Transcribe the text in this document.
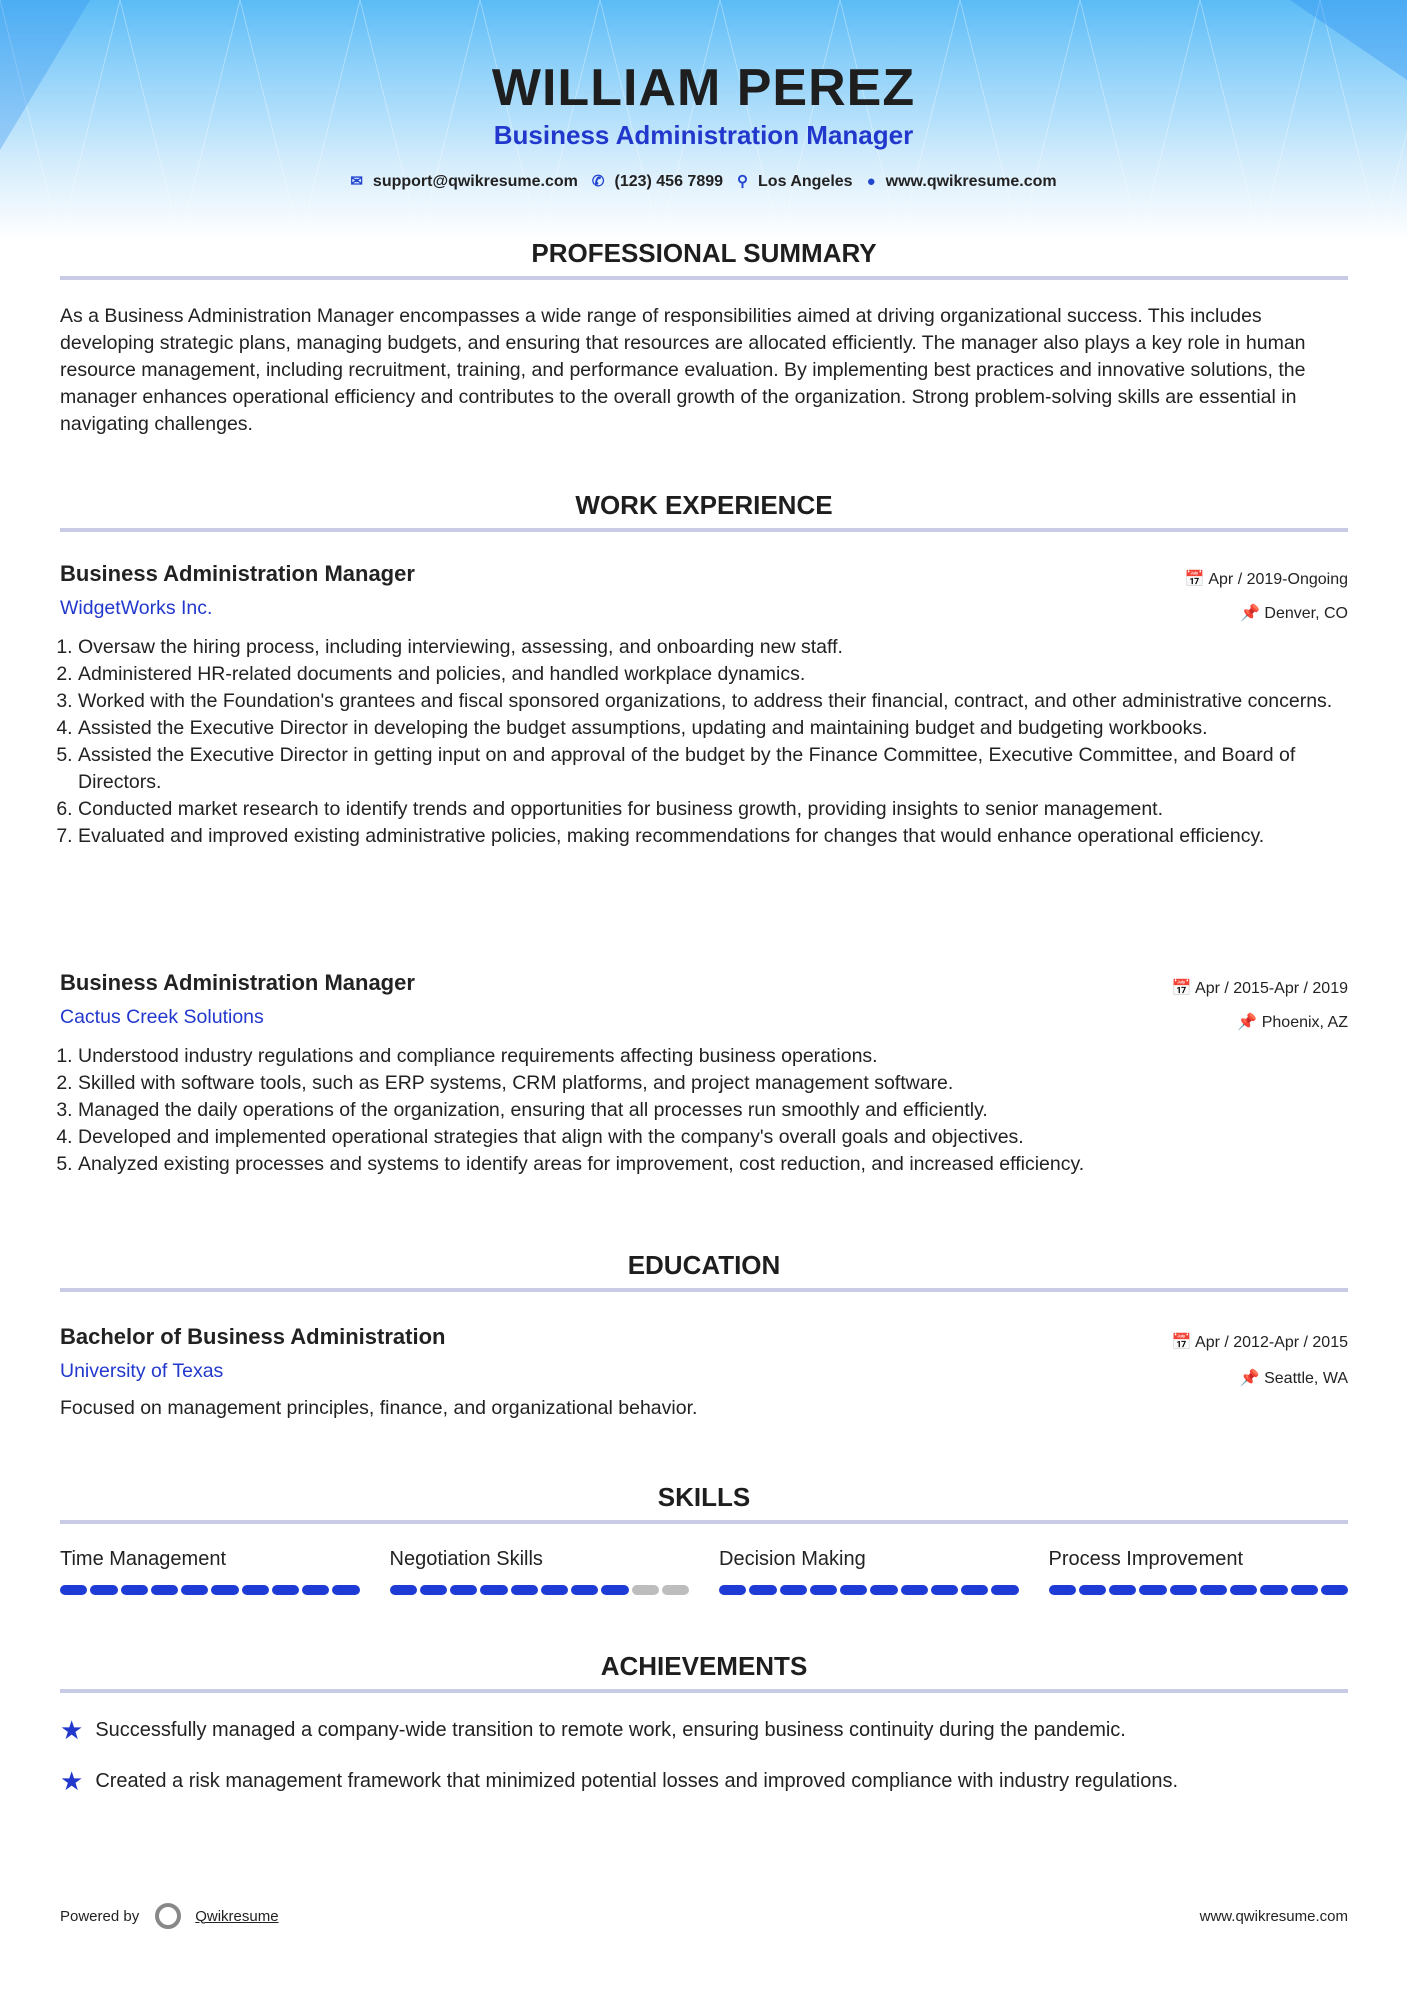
WILLIAM PEREZ
Business Administration Manager
✉ support@qwikresume.com ✆ (123) 456 7899 ⚲ Los Angeles ● www.qwikresume.com
PROFESSIONAL SUMMARY

As a Business Administration Manager encompasses a wide range of responsibilities aimed at driving organizational success. This includes developing strategic plans, managing budgets, and ensuring that resources are allocated efficiently. The manager also plays a key role in human resource management, including recruitment, training, and performance evaluation. By implementing best practices and innovative solutions, the manager enhances operational efficiency and contributes to the overall growth of the organization. Strong problem-solving skills are essential in navigating challenges.

WORK EXPERIENCE
Business Administration Manager	📅 Apr / 2019-Ongoing
WidgetWorks Inc.	📌 Denver, CO
1. Oversaw the hiring process, including interviewing, assessing, and onboarding new staff.
2. Administered HR-related documents and policies, and handled workplace dynamics.
3. Worked with the Foundation's grantees and fiscal sponsored organizations, to address their financial, contract, and other administrative concerns.
4. Assisted the Executive Director in developing the budget assumptions, updating and maintaining budget and budgeting workbooks.
5. Assisted the Executive Director in getting input on and approval of the budget by the Finance Committee, Executive Committee, and Board of Directors.
6. Conducted market research to identify trends and opportunities for business growth, providing insights to senior management.
7. Evaluated and improved existing administrative policies, making recommendations for changes that would enhance operational efficiency.
Business Administration Manager	📅 Apr / 2015-Apr / 2019
Cactus Creek Solutions	📌 Phoenix, AZ
1. Understood industry regulations and compliance requirements affecting business operations.
2. Skilled with software tools, such as ERP systems, CRM platforms, and project management software.
3. Managed the daily operations of the organization, ensuring that all processes run smoothly and efficiently.
4. Developed and implemented operational strategies that align with the company's overall goals and objectives.
5. Analyzed existing processes and systems to identify areas for improvement, cost reduction, and increased efficiency.
EDUCATION
Bachelor of Business Administration	📅 Apr / 2012-Apr / 2015
University of Texas	📌 Seattle, WA

Focused on management principles, finance, and organizational behavior.

SKILLS
Time Management	Negotiation Skills	Decision Making	Process Improvement
ACHIEVEMENTS
★ Successfully managed a company-wide transition to remote work, ensuring business continuity during the pandemic.
★ Created a risk management framework that minimized potential losses and improved compliance with industry regulations.
Powered by	Qwikresume	www.qwikresume.com
